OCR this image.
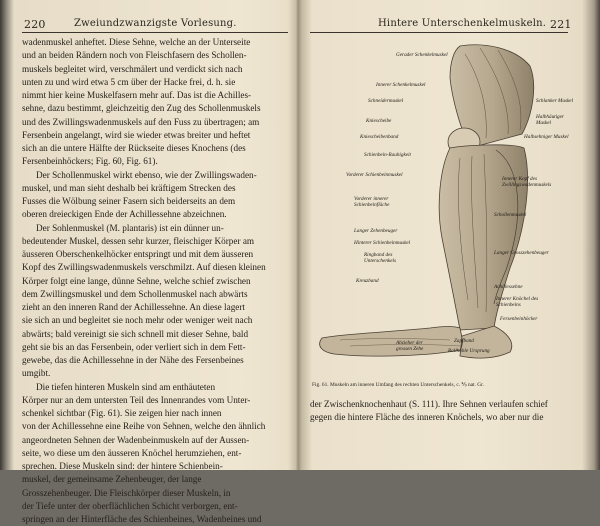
220	Zweiundzwanzigste Vorlesung.
wadenmuskel anheftet. Diese Sehne, welche an der Unterseite
und an beiden Rändern noch von Fleischfasern des Schollen-
muskels begleitet wird, verschmälert und verdickt sich nach
unten zu und wird etwa 5 cm über der Hacke frei, d. h. sie
nimmt hier keine Muskelfasern mehr auf. Das ist die Achilles-
sehne, dazu bestimmt, gleichzeitig den Zug des Schollenmuskels
und des Zwillingswadenmuskels auf den Fuss zu übertragen; am
Fersenbein angelangt, wird sie wieder etwas breiter und heftet
sich an die untere Hälfte der Rückseite dieses Knochens (des
Fersenbeinhöckers; Fig. 60, Fig. 61).
Der Schollenmuskel wirkt ebenso, wie der Zwillingswaden-
muskel, und man sieht deshalb bei kräftigem Strecken des
Fusses die Wölbung seiner Fasern sich beiderseits an dem
oberen dreieckigen Ende der Achillessehne abzeichnen.
Der Sohlenmuskel (M. plantaris) ist ein dünner un-
bedeutender Muskel, dessen sehr kurzer, fleischiger Körper am
äusseren Oberschenkelhöcker entspringt und mit dem äusseren
Kopf des Zwillingswadenmuskels verschmilzt. Auf diesen kleinen
Körper folgt eine lange, dünne Sehne, welche schief zwischen
dem Zwillingsmuskel und dem Schollenmuskel nach abwärts
zieht an den inneren Rand der Achillessehne. An diese lagert
sie sich an und begleitet sie noch mehr oder weniger weit nach
abwärts; bald vereinigt sie sich schnell mit dieser Sehne, bald
geht sie bis an das Fersenbein, oder verliert sich in dem Fett-
gewebe, das die Achillessehne in der Nähe des Fersenbeines
umgibt.
Die tiefen hinteren Muskeln sind am enthäuteten
Körper nur an dem untersten Teil des Innenrandes vom Unter-
schenkel sichtbar (Fig. 61). Sie zeigen hier nach innen
von der Achillessehne eine Reihe von Sehnen, welche den ähnlich
angeordneten Sehnen der Wadenbeinmuskeln auf der Aussen-
seite, wo diese um den äusseren Knöchel herumziehen, ent-
sprechen. Diese Muskeln sind: der hintere Schienbein-
muskel, der gemeinsame Zehenbeuger, der lange
Grosszehenbeuger. Die Fleischkörper dieser Muskeln, in
der Tiefe unter der oberflächlichen Schicht verborgen, ent-
springen an der Hinterfläche des Schienbeines, Wadenbeines und
Hintere Unterschenkelmuskeln. 221
Gerader Schenkelmuskel
Innerer Schenkelmuskel
Schneidermuskel
Kniescheibe
Kniescheibenband
Schienbein-Rauhigkeit
Schlanker Muskel
Halbhäutiger Muskel
Halbsehniger Muskel
Vorderer Schienbeinmuskel
Innerer Kopf des Zwillingswadenmuskels
Vorderer innerer Schienbeinfläche
Schollenmuskel
Langer Zehenbeuger
Hinterer Schienbeinmuskel
Ringband des Unterschenkels
Langer Grosszehenbeuger
Kreuzband
Achillessehne
Innerer Knöchel des Schienbeins
Fersenbeinhöcker
Abzieher der grossen Zehe
Zapfband
Rollhöhle Ursprung
Fig. 61. Muskeln am inneren Umfang des rechten Unterschenkels, c. ⅑ nat. Gr.
der Zwischenknochenhaut (S. 111). Ihre Sehnen verlaufen schief
gegen die hintere Fläche des inneren Knöchels, wo aber nur die
